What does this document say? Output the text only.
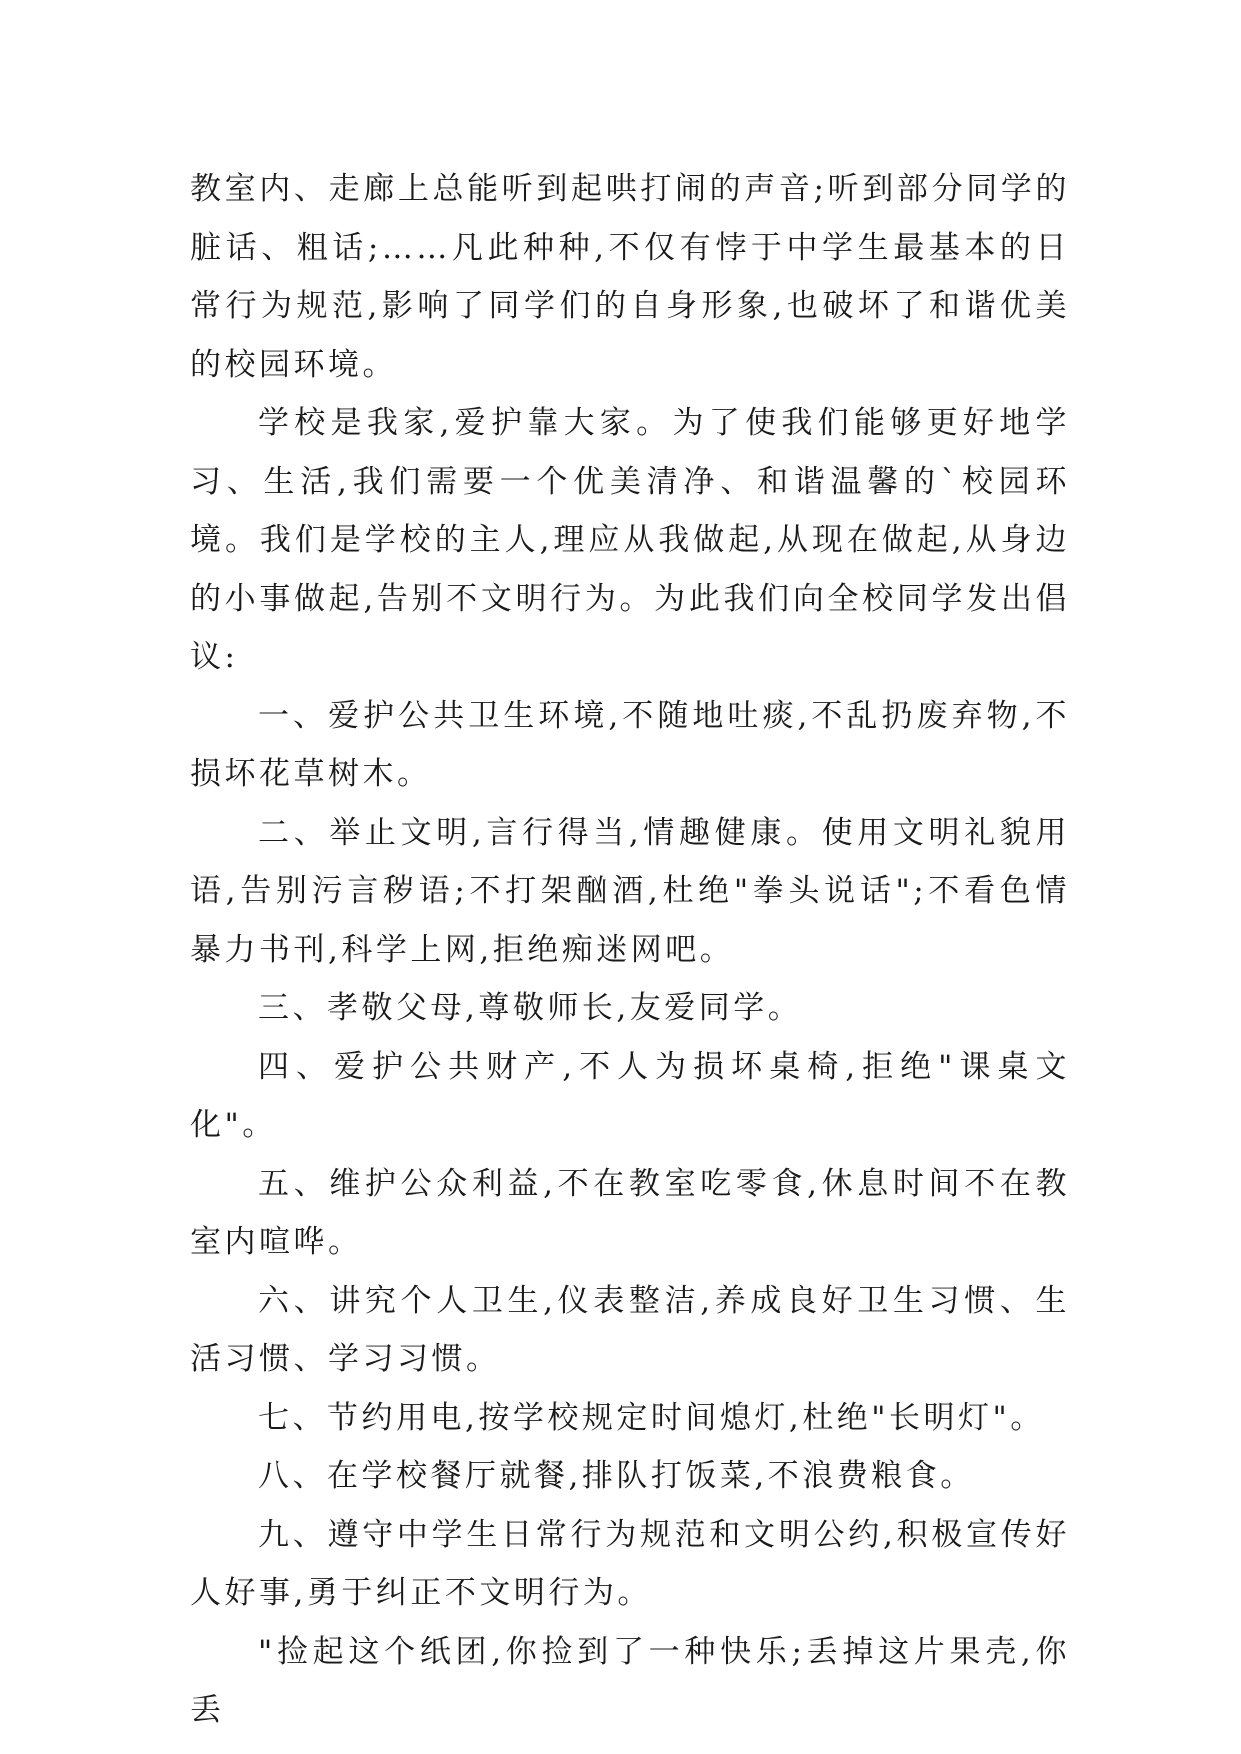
教室内、走廊上总能听到起哄打闹的声音;听到部分同学的脏话、粗话;……凡此种种,不仅有悖于中学生最基本的日常行为规范,影响了同学们的自身形象,也破坏了和谐优美的校园环境。

学校是我家,爱护靠大家。为了使我们能够更好地学习、生活,我们需要一个优美清净、和谐温馨的`校园环境。我们是学校的主人,理应从我做起,从现在做起,从身边的小事做起,告别不文明行为。为此我们向全校同学发出倡议:

一、爱护公共卫生环境,不随地吐痰,不乱扔废弃物,不损坏花草树木。

二、举止文明,言行得当,情趣健康。使用文明礼貌用语,告别污言秽语;不打架酗酒,杜绝"拳头说话";不看色情暴力书刊,科学上网,拒绝痴迷网吧。

三、孝敬父母,尊敬师长,友爱同学。

四、爱护公共财产,不人为损坏桌椅,拒绝"课桌文化"。

五、维护公众利益,不在教室吃零食,休息时间不在教室内喧哗。

六、讲究个人卫生,仪表整洁,养成良好卫生习惯、生活习惯、学习习惯。

七、节约用电,按学校规定时间熄灯,杜绝"长明灯"。

八、在学校餐厅就餐,排队打饭菜,不浪费粮食。

九、遵守中学生日常行为规范和文明公约,积极宣传好人好事,勇于纠正不文明行为。

"捡起这个纸团,你捡到了一种快乐;丢掉这片果壳,你丢
